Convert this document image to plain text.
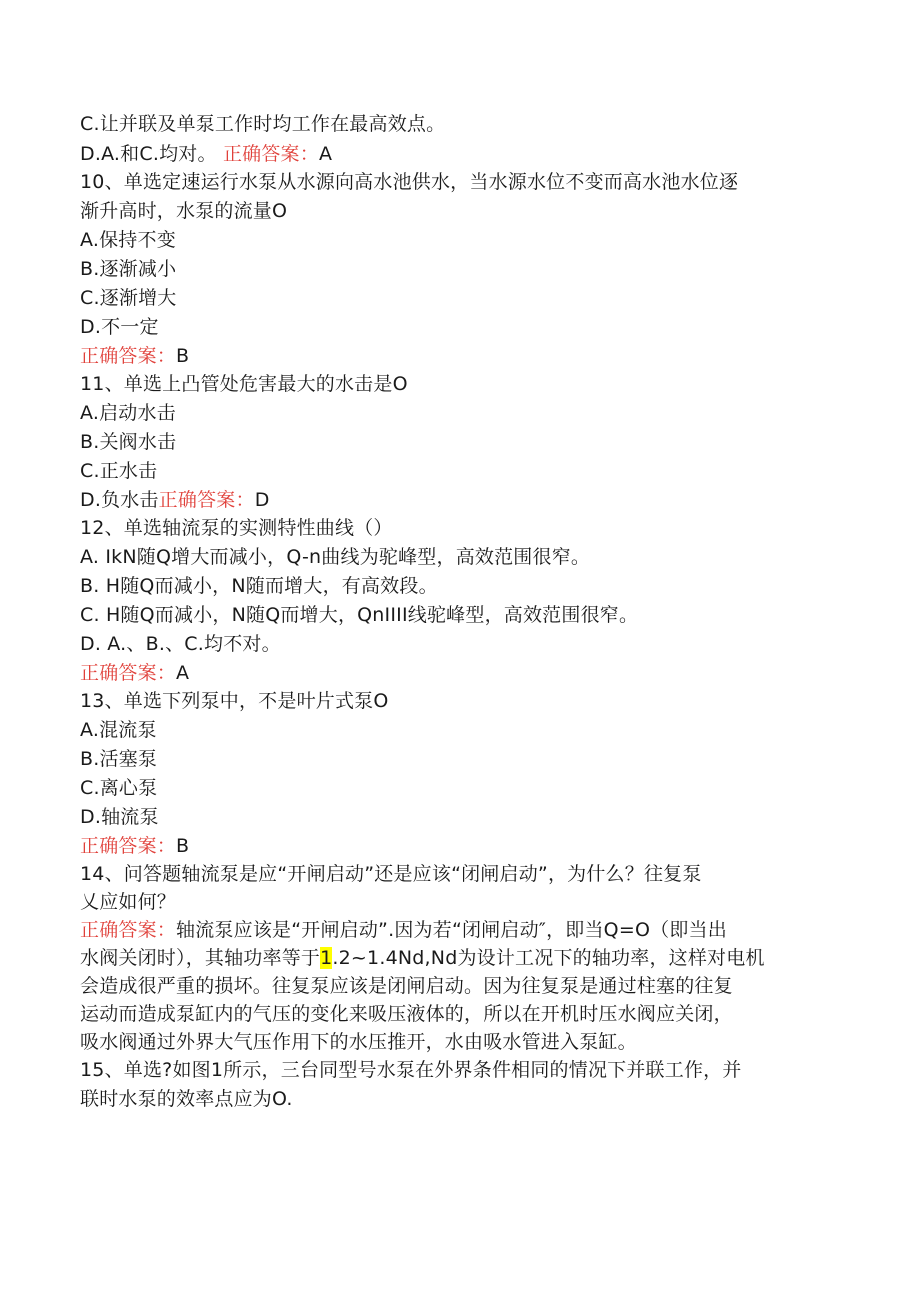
C.让并联及单泵工作时均工作在最高效点。
D.A.和C.均对。 正确答案：A
10、单选定速运行水泵从水源向高水池供水，当水源水位不变而高水池水位逐
渐升高时，水泵的流量O
A.保持不变
B.逐渐减小
C.逐渐增大
D.不一定
正确答案：B
11、单选上凸管处危害最大的水击是O
A.启动水击
B.关阀水击
C.正水击
D.负水击正确答案：D
12、单选轴流泵的实测特性曲线（）
A. IkN随Q增大而减小，Q-n曲线为驼峰型，高效范围很窄。
B. H随Q而减小，N随而增大，有高效段。
C. H随Q而减小，N随Q而增大，QnIIII线驼峰型，高效范围很窄。
D. A.、B.、C.均不对。
正确答案：A
13、单选下列泵中，不是叶片式泵O
A.混流泵
B.活塞泵
C.离心泵
D.轴流泵
正确答案：B
14、问答题轴流泵是应“开闸启动”还是应该“闭闸启动”，为什么？往复泵
乂应如何？
正确答案：轴流泵应该是“开闸启动”.因为若“闭闸启动″，即当Q=O（即当出
水阀关闭时），其轴功率等于1.2~1.4Nd,Nd为设计工况下的轴功率，这样对电机
会造成很严重的损坏。往复泵应该是闭闸启动。因为往复泵是通过柱塞的往复
运动而造成泵缸内的气压的变化来吸压液体的，所以在开机时压水阀应关闭，
吸水阀通过外界大气压作用下的水压推开，水由吸水管进入泵缸。
15、单选?如图1所示，三台同型号水泵在外界条件相同的情况下并联工作，并
联时水泵的效率点应为O.
